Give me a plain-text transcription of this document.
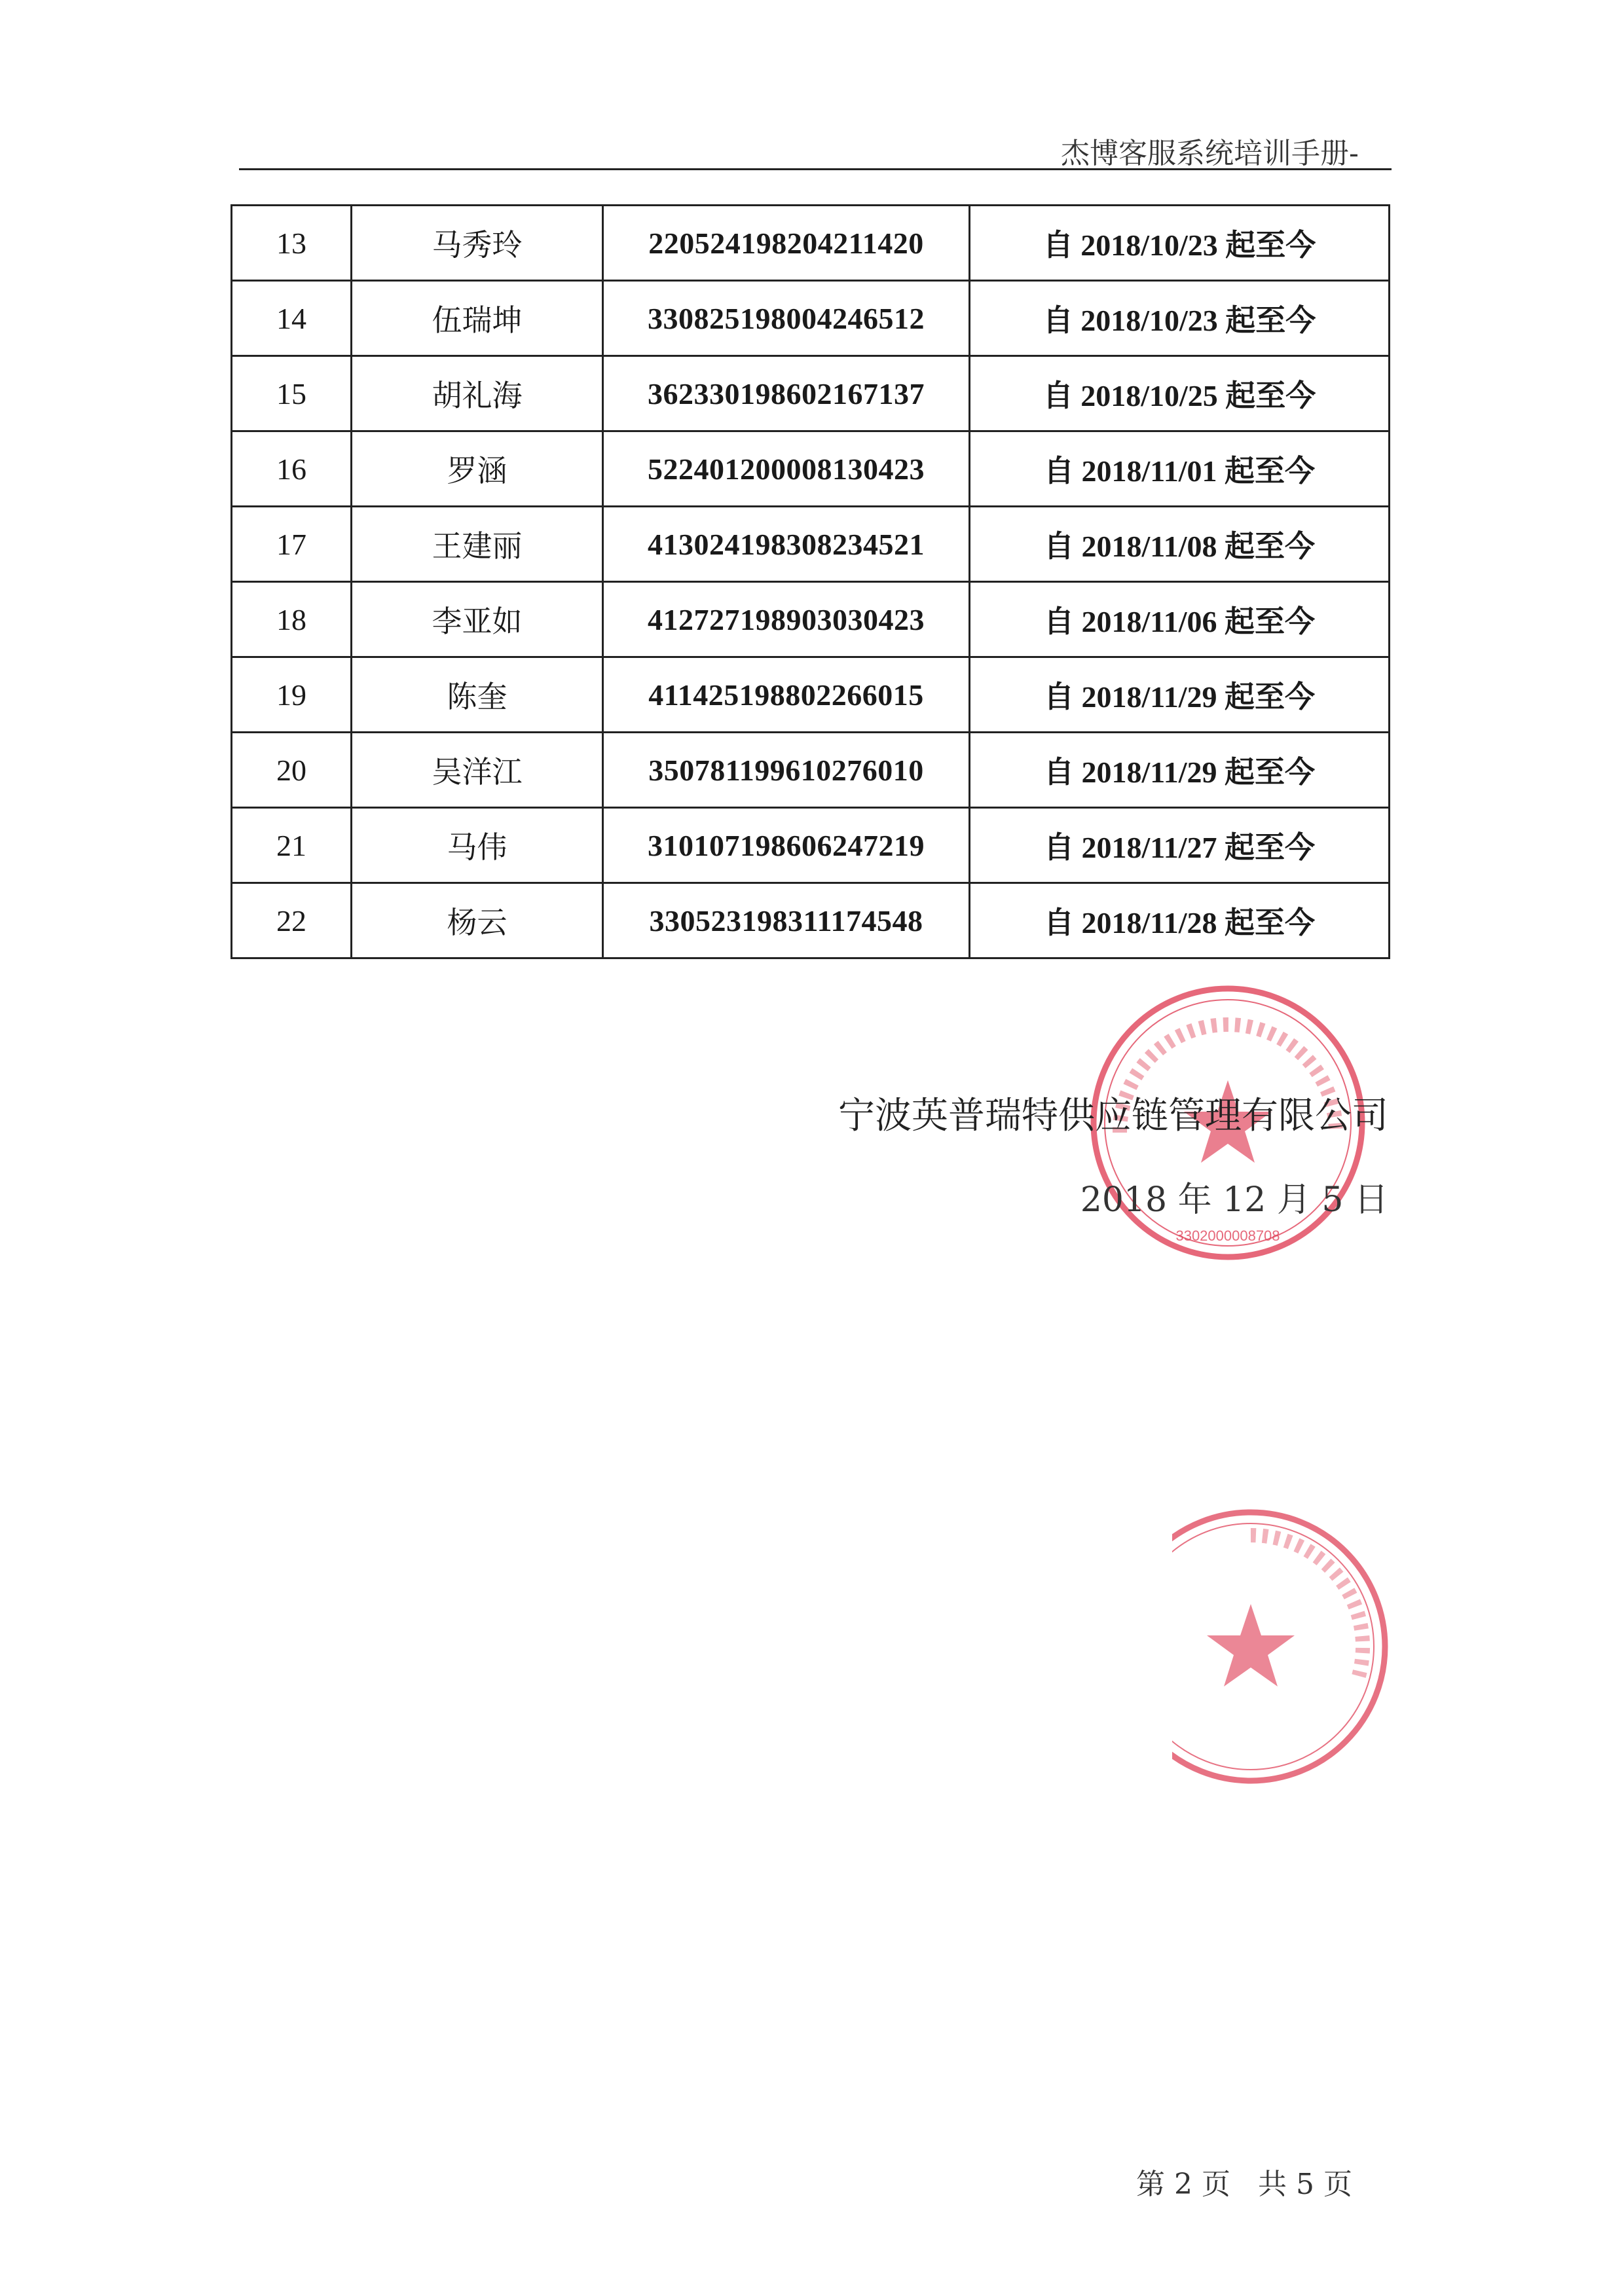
杰博客服系统培训手册-
13	马秀玲	220524198204211420	自 2018/10/23 起至今
14	伍瑞坤	330825198004246512	自 2018/10/23 起至今
15	胡礼海	362330198602167137	自 2018/10/25 起至今
16	罗涵	522401200008130423	自 2018/11/01 起至今
17	王建丽	413024198308234521	自 2018/11/08 起至今
18	李亚如	412727198903030423	自 2018/11/06 起至今
19	陈奎	411425198802266015	自 2018/11/29 起至今
20	吴洋江	350781199610276010	自 2018/11/29 起至今
21	马伟	310107198606247219	自 2018/11/27 起至今
22	杨云	330523198311174548	自 2018/11/28 起至今
3302000008708
宁波英普瑞特供应链管理有限公司
2018 年 12 月 5 日
第 2 页 共 5 页
